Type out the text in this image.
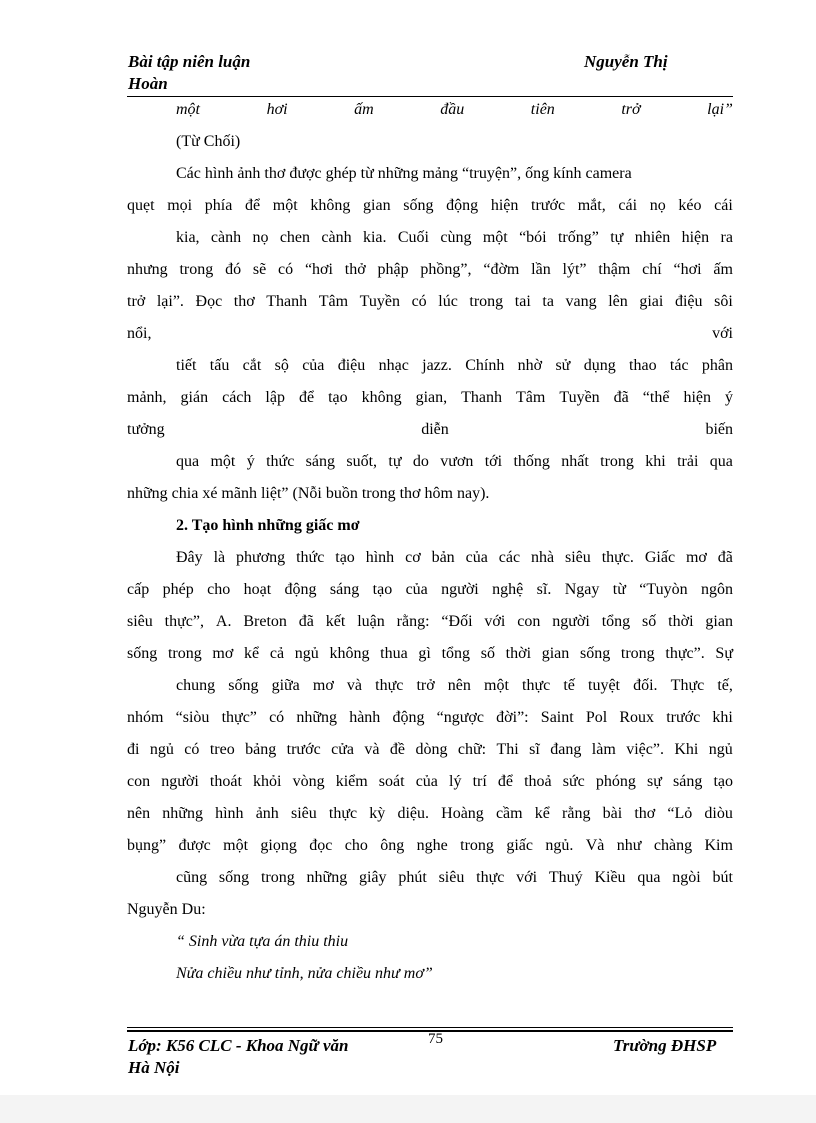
Bài tập niên luận	Nguyễn Thị
Hoàn
một	hơi	ấm	đầu	tiên	trở	lại”
(Từ Chối)
Các hình ảnh thơ được ghép từ những mảng “truyện”, ống kính camera
quẹt mọi phía để một không gian sống động hiện trước mắt, cái nọ kéo cái
kia, cành nọ chen cành kia. Cuối cùng một “bói trống” tự nhiên hiện ra
nhưng trong đó sẽ có “hơi thở phập phồng”, “đờm lần lýt” thậm chí “hơi ấm
trở lại”. Đọc thơ Thanh Tâm Tuyền có lúc trong tai ta vang lên giai điệu sôi
nổi,	với
tiết tấu cắt sộ của điệu nhạc jazz. Chính nhờ sử dụng thao tác phân
mảnh, gián cách lập để tạo không gian, Thanh Tâm Tuyền đã “thể hiện ý
tưởng	diễn	biến
qua một ý thức sáng suốt, tự do vươn tới thống nhất trong khi trải qua
những chia xé mãnh liệt” (Nỗi buồn trong thơ hôm nay).
2. Tạo hình những giấc mơ
Đây là phương thức tạo hình cơ bản của các nhà siêu thực. Giấc mơ đã
cấp phép cho hoạt động sáng tạo của người nghệ sĩ. Ngay từ “Tuyòn ngôn
siêu thực”, A. Breton đã kết luận rằng: “Đối với con người tổng số thời gian
sống trong mơ kể cả ngủ không thua gì tổng số thời gian sống trong thực”. Sự
chung sống giữa mơ và thực trở nên một thực tế tuyệt đối. Thực tế,
nhóm “siòu thực” có những hành động “ngược đời”: Saint Pol Roux trước khi
đi ngủ có treo bảng trước cửa và đề dòng chữ: Thi sĩ đang làm việc”. Khi ngủ
con người thoát khỏi vòng kiểm soát của lý trí để thoả sức phóng sự sáng tạo
nên những hình ảnh siêu thực kỳ diệu. Hoàng cầm kể rằng bài thơ “Lỏ diòu
bụng” được một giọng đọc cho ông nghe trong giấc ngủ. Và như chàng Kim
cũng sống trong những giây phút siêu thực với Thuý Kiều qua ngòi bút
Nguyễn Du:
“ Sinh vừa tựa án thiu thiu
Nửa chiều như tỉnh, nửa chiều như mơ”
Lớp: K56 CLC - Khoa Ngữ văn	75	Trường ĐHSP
Hà Nội
